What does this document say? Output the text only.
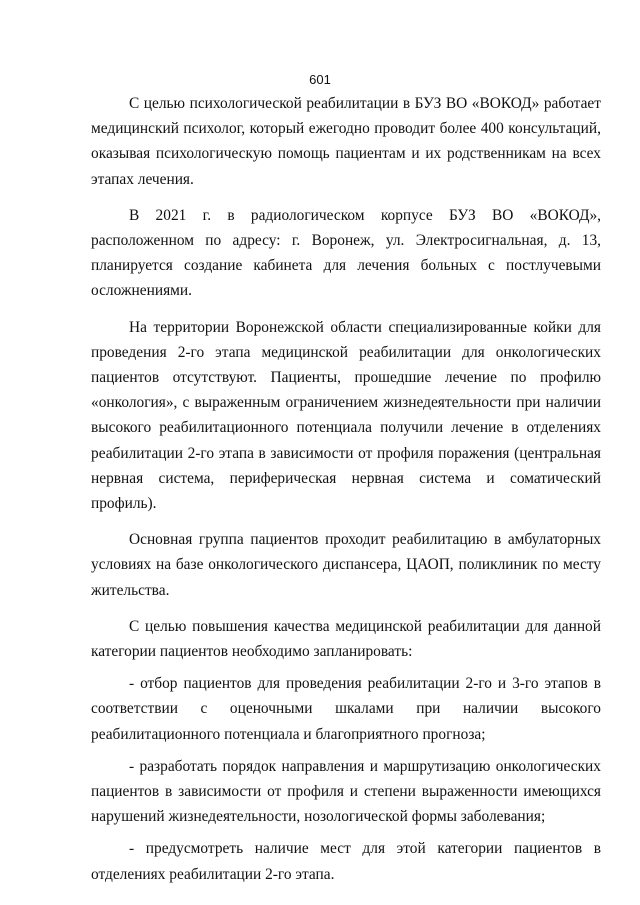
601

С целью психологической реабилитации в БУЗ ВО «ВОКОД» работает медицинский психолог, который ежегодно проводит более 400 консультаций, оказывая психологическую помощь пациентам и их родственникам на всех этапах лечения.

В 2021 г. в радиологическом корпусе БУЗ ВО «ВОКОД», расположенном по адресу: г. Воронеж, ул. Электросигнальная, д. 13, планируется создание кабинета для лечения больных с постлучевыми осложнениями.

На территории Воронежской области специализированные койки для проведения 2-го этапа медицинской реабилитации для онкологических пациентов отсутствуют. Пациенты, прошедшие лечение по профилю «онкология», с выраженным ограничением жизнедеятельности при наличии высокого реабилитационного потенциала получили лечение в отделениях реабилитации 2-го этапа в зависимости от профиля поражения (центральная нервная система, периферическая нервная система и соматический профиль).

Основная группа пациентов проходит реабилитацию в амбулаторных условиях на базе онкологического диспансера, ЦАОП, поликлиник по месту жительства.

С целью повышения качества медицинской реабилитации для данной категории пациентов необходимо запланировать:

- отбор пациентов для проведения реабилитации 2-го и 3-го этапов в соответствии с оценочными шкалами при наличии высокого реабилитационного потенциала и благоприятного прогноза;

- разработать порядок направления и маршрутизацию онкологических пациентов в зависимости от профиля и степени выраженности имеющихся нарушений жизнедеятельности, нозологической формы заболевания;

- предусмотреть наличие мест для этой категории пациентов в отделениях реабилитации 2-го этапа.
